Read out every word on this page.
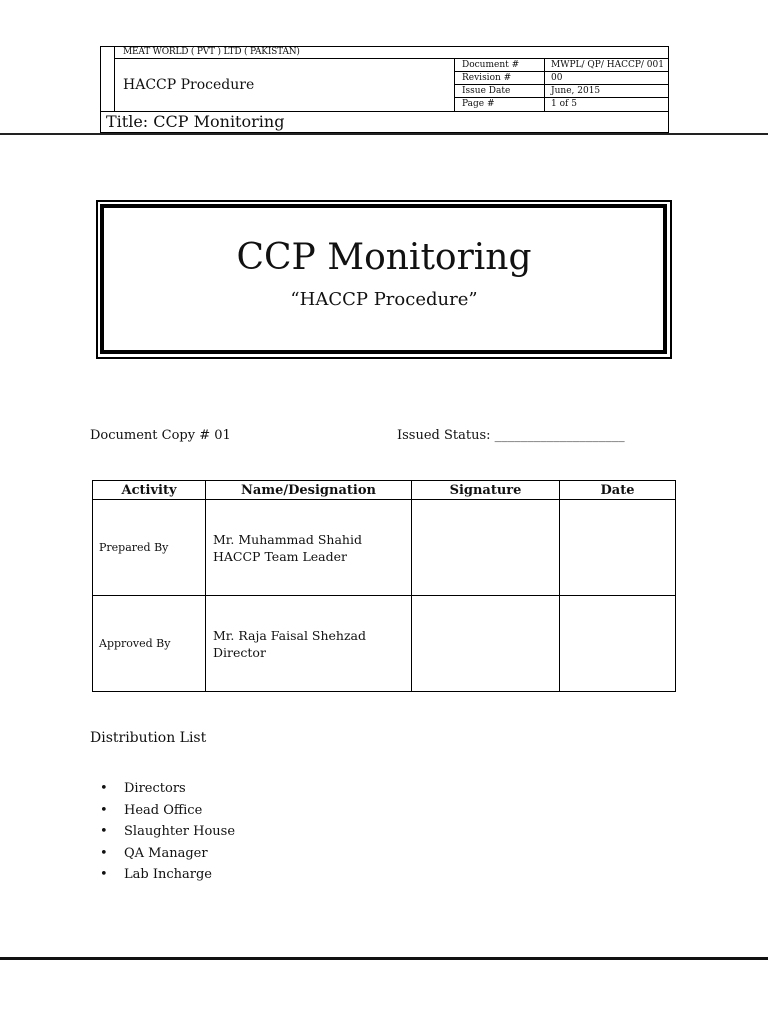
MEAT WORLD ( PVT ) LTD ( PAKISTAN)
HACCP Procedure
Document #	MWPL/ QP/ HACCP/ 001
Revision #	00
Issue Date	June, 2015
Page #	1 of 5
Title: CCP Monitoring
CCP Monitoring
“HACCP Procedure”
Document Copy # 01	Issued Status: ____________________
Activity	Name/Designation	Signature	Date
Prepared By	Mr. Muhammad Shahid
HACCP Team Leader		

Approved By	Mr. Raja Faisal Shehzad
Director		

Distribution List
• Directors
• Head Office
• Slaughter House
• QA Manager
• Lab Incharge
